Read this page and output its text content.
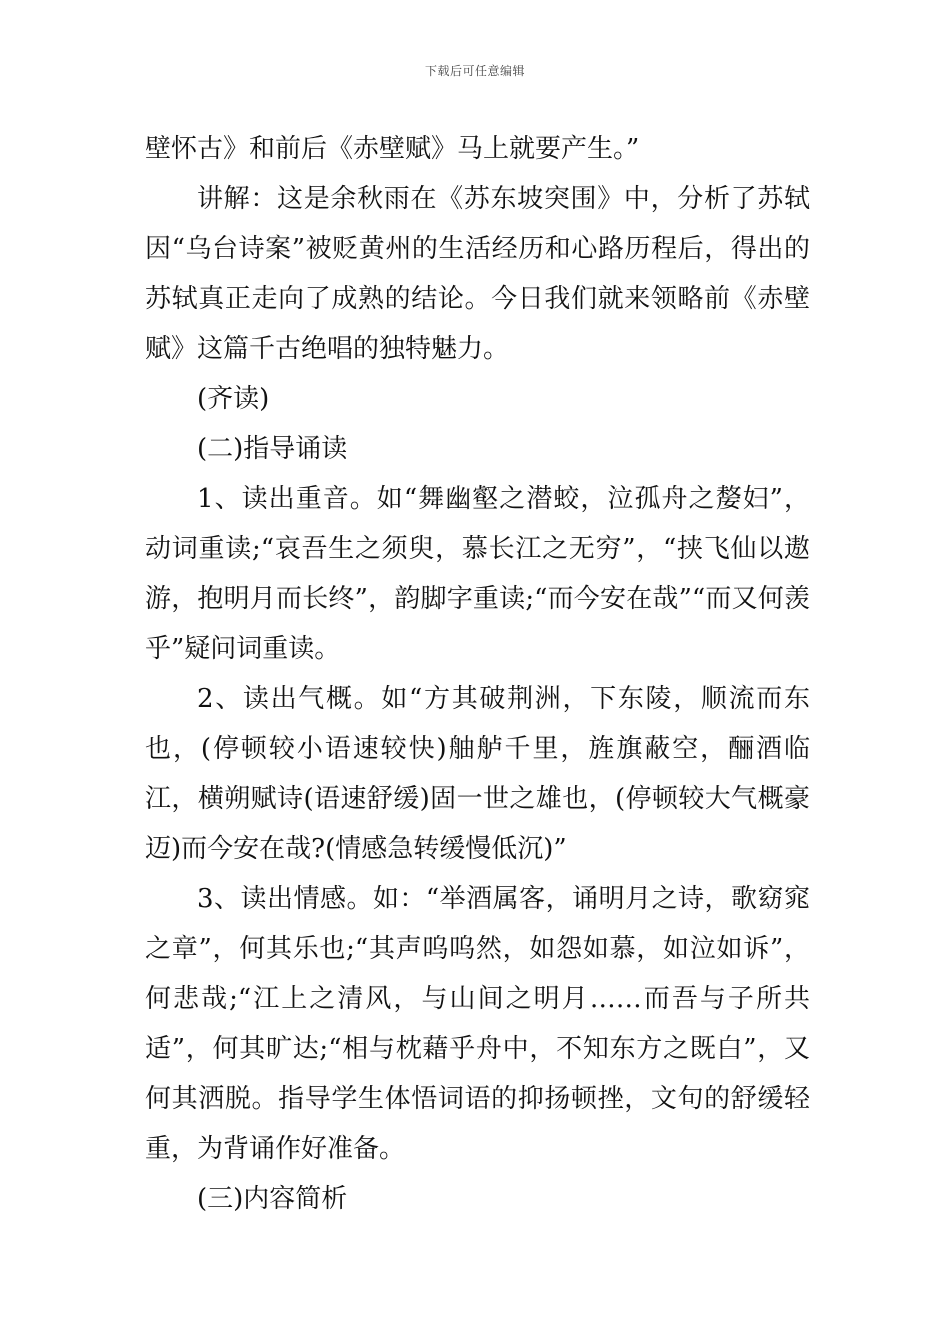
下载后可任意编辑

壁怀古》和前后《赤壁赋》马上就要产生。”

讲解：这是余秋雨在《苏东坡突围》中，分析了苏轼因“乌台诗案”被贬黄州的生活经历和心路历程后，得出的苏轼真正走向了成熟的结论。今日我们就来领略前《赤壁赋》这篇千古绝唱的独特魅力。

(齐读)

(二)指导诵读

1、读出重音。如“舞幽壑之潜蛟，泣孤舟之嫠妇”，动词重读;“哀吾生之须臾，慕长江之无穷”，“挟飞仙以遨游，抱明月而长终”，韵脚字重读;“而今安在哉”“而又何羡乎”疑问词重读。

2、读出气概。如“方其破荆洲，下东陵，顺流而东也，(停顿较小语速较快)舳舻千里，旌旗蔽空，酾酒临江，横朔赋诗(语速舒缓)固一世之雄也，(停顿较大气概豪迈)而今安在哉?(情感急转缓慢低沉)”

3、读出情感。如：“举酒属客，诵明月之诗，歌窈窕之章”，何其乐也;“其声呜呜然，如怨如慕，如泣如诉”，何悲哉;“江上之清风，与山间之明月……而吾与子所共适”，何其旷达;“相与枕藉乎舟中，不知东方之既白”，又何其洒脱。指导学生体悟词语的抑扬顿挫，文句的舒缓轻重，为背诵作好准备。

(三)内容简析
